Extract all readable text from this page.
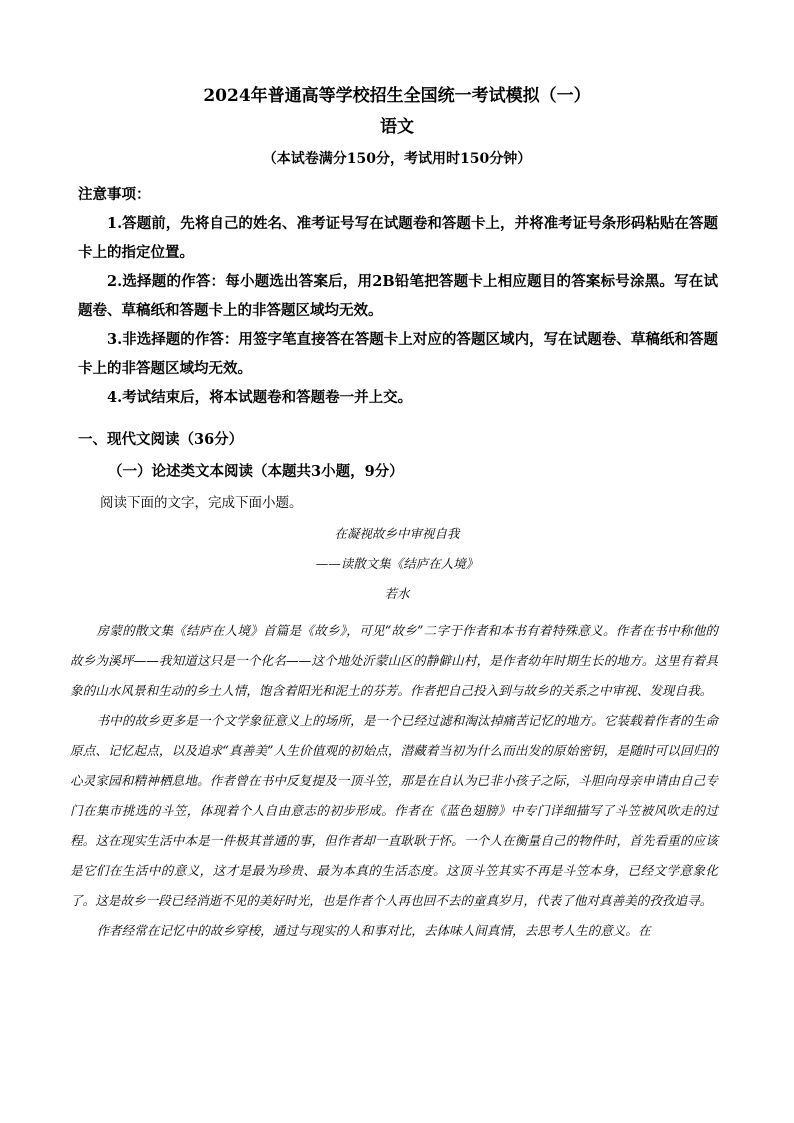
2024年普通高等学校招生全国统一考试模拟（一）
语文
（本试卷满分150分，考试用时150分钟）
注意事项：
1.答题前，先将自己的姓名、准考证号写在试题卷和答题卡上，并将准考证号条形码粘贴在答题卡上的指定位置。
2.选择题的作答：每小题选出答案后，用2B铅笔把答题卡上相应题目的答案标号涂黑。写在试题卷、草稿纸和答题卡上的非答题区域均无效。
3.非选择题的作答：用签字笔直接答在答题卡上对应的答题区域内，写在试题卷、草稿纸和答题卡上的非答题区域均无效。
4.考试结束后，将本试题卷和答题卷一并上交。
一、现代文阅读（36分）
（一）论述类文本阅读（本题共3小题，9分）
阅读下面的文字，完成下面小题。
在凝视故乡中审视自我
——读散文集《结庐在人境》
若水

房蒙的散文集《结庐在人境》首篇是《故乡》，可见“故乡”二字于作者和本书有着特殊意义。作者在书中称他的故乡为溪坪——我知道这只是一个化名——这个地处沂蒙山区的静僻山村，是作者幼年时期生长的地方。这里有着具象的山水风景和生动的乡土人情，饱含着阳光和泥土的芬芳。作者把自己投入到与故乡的关系之中审视、发现自我。

书中的故乡更多是一个文学象征意义上的场所，是一个已经过滤和淘汰掉痛苦记忆的地方。它装载着作者的生命原点、记忆起点，以及追求“真善美”人生价值观的初始点，潜藏着当初为什么而出发的原始密钥，是随时可以回归的心灵家园和精神栖息地。作者曾在书中反复提及一顶斗笠，那是在自认为已非小孩子之际，斗胆向母亲申请由自己专门在集市挑选的斗笠，体现着个人自由意志的初步形成。作者在《蓝色翅膀》中专门详细描写了斗笠被风吹走的过程。这在现实生活中本是一件极其普通的事，但作者却一直耿耿于怀。一个人在衡量自己的物件时，首先看重的应该是它们在生活中的意义，这才是最为珍贵、最为本真的生活态度。这顶斗笠其实不再是斗笠本身，已经文学意象化了。这是故乡一段已经消逝不见的美好时光，也是作者个人再也回不去的童真岁月，代表了他对真善美的孜孜追寻。

作者经常在记忆中的故乡穿梭，通过与现实的人和事对比，去体味人间真情，去思考人生的意义。在
